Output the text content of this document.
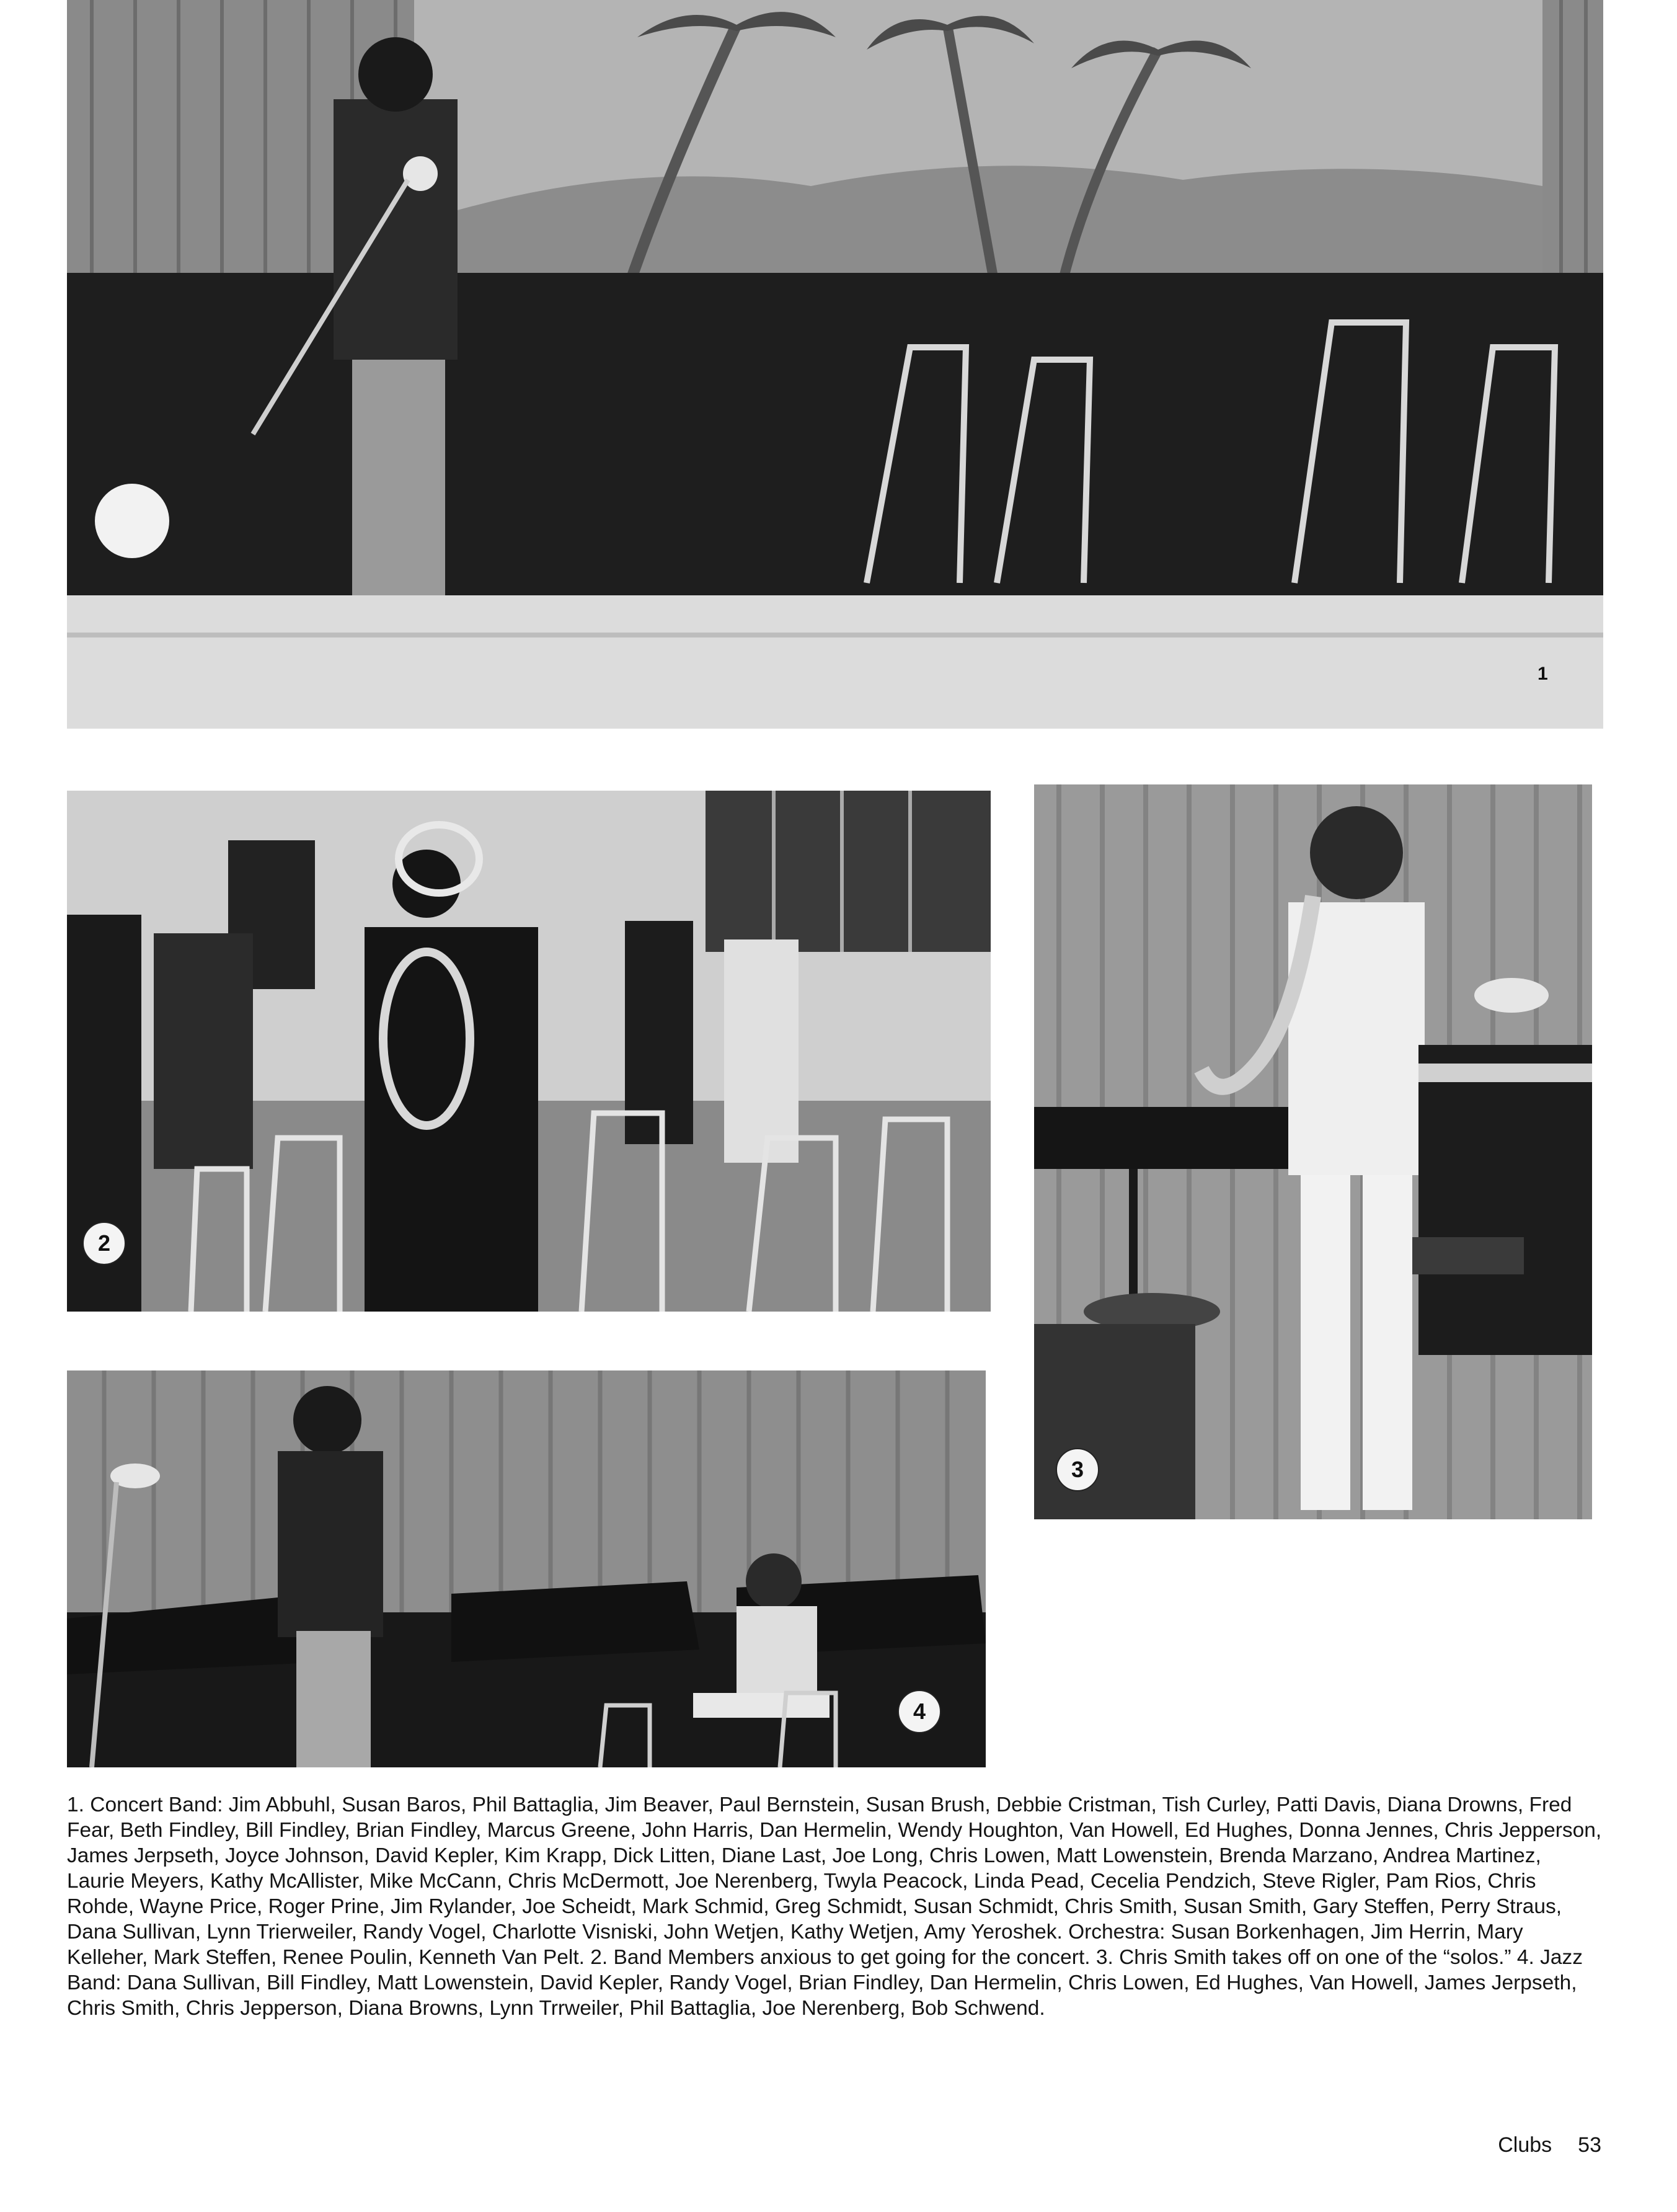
1
2
3
4
1. Concert Band: Jim Abbuhl, Susan Baros, Phil Battaglia, Jim Beaver, Paul Bernstein, Susan Brush, Debbie Cristman, Tish Curley, Patti Davis, Diana Drowns, Fred Fear, Beth Findley, Bill Findley, Brian Findley, Marcus Greene, John Harris, Dan Hermelin, Wendy Houghton, Van Howell, Ed Hughes, Donna Jennes, Chris Jepperson, James Jerpseth, Joyce Johnson, David Kepler, Kim Krapp, Dick Litten, Diane Last, Joe Long, Chris Lowen, Matt Lowenstein, Brenda Marzano, Andrea Martinez, Laurie Meyers, Kathy McAllister, Mike McCann, Chris McDermott, Joe Nerenberg, Twyla Peacock, Linda Pead, Cecelia Pendzich, Steve Rigler, Pam Rios, Chris Rohde, Wayne Price, Roger Prine, Jim Rylander, Joe Scheidt, Mark Schmid, Greg Schmidt, Susan Schmidt, Chris Smith, Susan Smith, Gary Steffen, Perry Straus, Dana Sullivan, Lynn Trierweiler, Randy Vogel, Charlotte Visniski, John Wetjen, Kathy Wetjen, Amy Yeroshek. Orchestra: Susan Borkenhagen, Jim Herrin, Mary Kelleher, Mark Steffen, Renee Poulin, Kenneth Van Pelt. 2. Band Members anxious to get going for the concert. 3. Chris Smith takes off on one of the “solos.” 4. Jazz Band: Dana Sullivan, Bill Findley, Matt Lowenstein, David Kepler, Randy Vogel, Brian Findley, Dan Hermelin, Chris Lowen, Ed Hughes, Van Howell, James Jerpseth, Chris Smith, Chris Jepperson, Diana Browns, Lynn Trrweiler, Phil Battaglia, Joe Nerenberg, Bob Schwend.
Clubs 53
